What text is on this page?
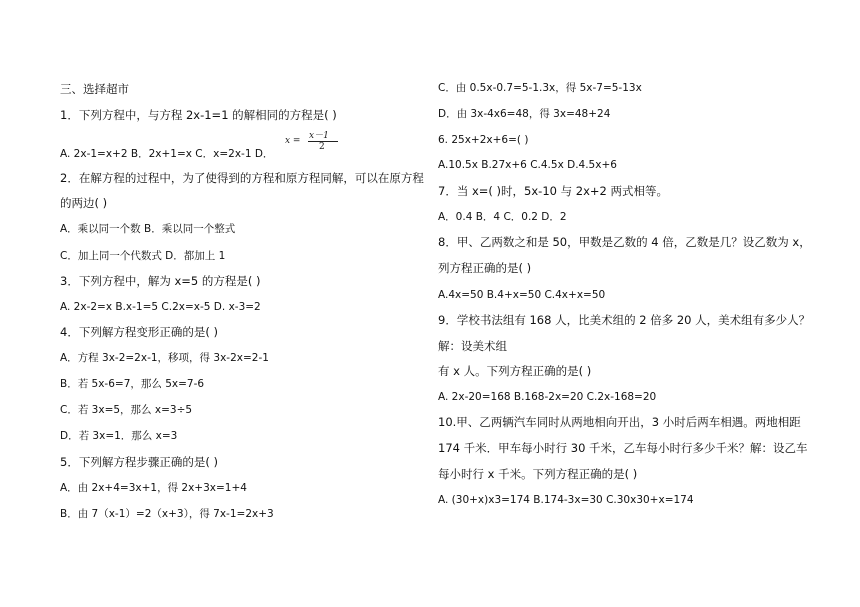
三、选择超市
1．下列方程中，与方程 2x-1=1 的解相同的方程是( )
A. 2x-1=x+2 B．2x+1=x C．x=2x-1 D．
x = x－1
2
2．在解方程的过程中，为了使得到的方程和原方程同解，可以在原方程
的两边( )
A．乘以同一个数 B．乘以同一个整式
C．加上同一个代数式 D．都加上 1
3．下列方程中，解为 x=5 的方程是( )
A. 2x-2=x B.x-1=5 C.2x=x-5 D. x-3=2
4．下列解方程变形正确的是( )
A．方程 3x-2=2x-1，移项，得 3x-2x=2-1
B．若 5x-6=7，那么 5x=7-6
C．若 3x=5，那么 x=3÷5
D．若 3x=1．那么 x=3
5．下列解方程步骤正确的是( )
A．由 2x+4=3x+1，得 2x+3x=1+4
B．由 7（x-1）=2（x+3），得 7x-1=2x+3
C．由 0.5x-0.7=5-1.3x，得 5x-7=5-13x
D．由 3x-4x6=48，得 3x=48+24
6. 25x+2x+6=( )
A.10.5x B.27x+6 C.4.5x D.4.5x+6
7．当 x=( )时，5x-10 与 2x+2 两式相等。
A．0.4 B．4 C．0.2 D．2
8．甲、乙两数之和是 50，甲数是乙数的 4 倍，乙数是几？设乙数为 x，
列方程正确的是( )
A.4x=50 B.4+x=50 C.4x+x=50
9．学校书法组有 168 人，比美术组的 2 倍多 20 人，美术组有多少人？
解：设美术组
有 x 人。下列方程正确的是( )
A. 2x-20=168 B.168-2x=20 C.2x-168=20
10.甲、乙两辆汽车同时从两地相向开出，3 小时后两车相遇。两地相距
174 千米．甲车每小时行 30 千米，乙车每小时行多少千米？解：设乙车
每小时行 x 千米。下列方程正确的是( )
A. (30+x)x3=174 B.174-3x=30 C.30x30+x=174
